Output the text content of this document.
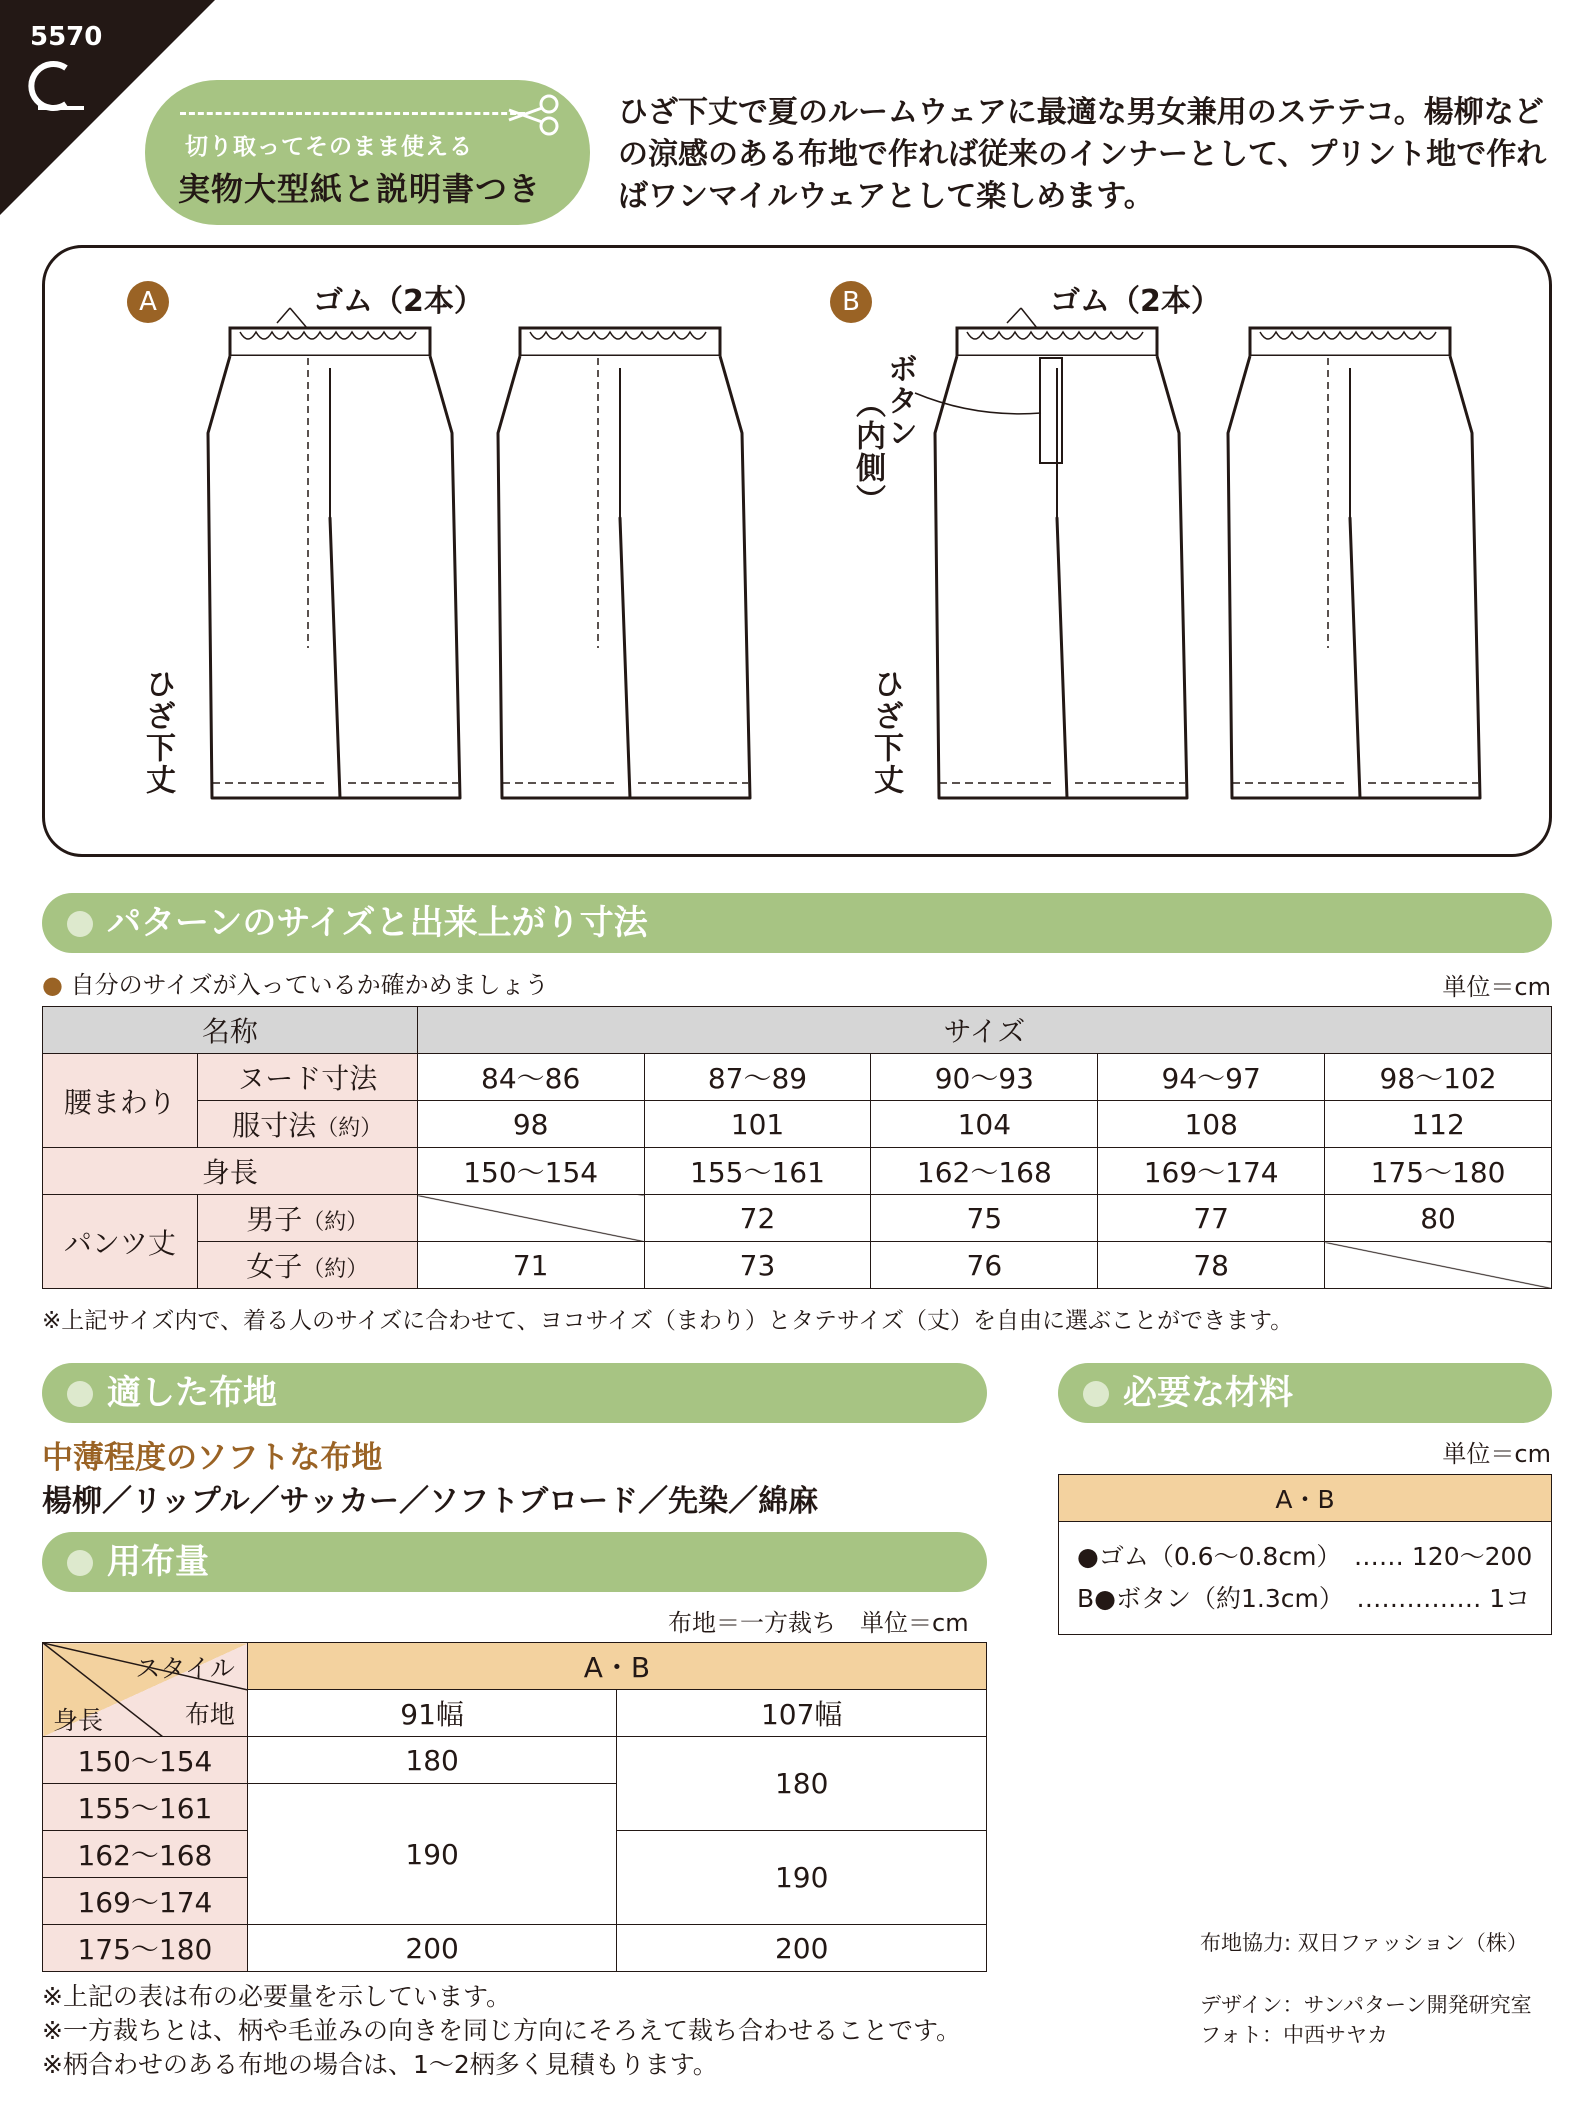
5570
切り取ってそのまま使える
実物大型紙と説明書つき
ひざ下丈で夏のルームウェアに最適な男女兼用のステテコ。楊柳などの涼感のある布地で作れば従来のインナーとして、プリント地で作ればワンマイルウェアとして楽しめます。
A	B
ゴム（2本）	ゴム（2本）
ボタン
（内側）
ひざ下丈	ひざ下丈
パターンのサイズと出来上がり寸法
● 自分のサイズが入っているか確かめましょう	単位＝cm
名称		サイズ				
腰まわり	ヌード寸法	84〜86	87〜89	90〜93	94〜97	98〜102
	服寸法（約）	98	101	104	108	112
身長		150〜154	155〜161	162〜168	169〜174	175〜180
パンツ丈	男子（約）		72	75	77	80
	女子（約）	71	73	76	78	
※上記サイズ内で、着る人のサイズに合わせて、ヨコサイズ（まわり）とタテサイズ（丈）を自由に選ぶことができます。
適した布地
中薄程度のソフトな布地
楊柳／リップル／サッカー／ソフトブロード／先染／綿麻
必要な材料
単位＝cm
A・B

●ゴム（0.6〜0.8cm）　…… 120〜200
B●ボタン（約1.3cm）　…………… 1コ
用布量
布地＝一方裁ち　単位＝cm
スタイル
布地
身長	A・B	
	91幅	107幅
150〜154	180	180
155〜161	190	
162〜168		190
169〜174		
175〜180	200	200
※上記の表は布の必要量を示しています。
※一方裁ちとは、柄や毛並みの向きを同じ方向にそろえて裁ち合わせることです。
※柄合わせのある布地の場合は、1〜2柄多く見積もります。
布地協力: 双日ファッション（株）
デザイン：サンパターン開発研究室
フォト：中西サヤカ
